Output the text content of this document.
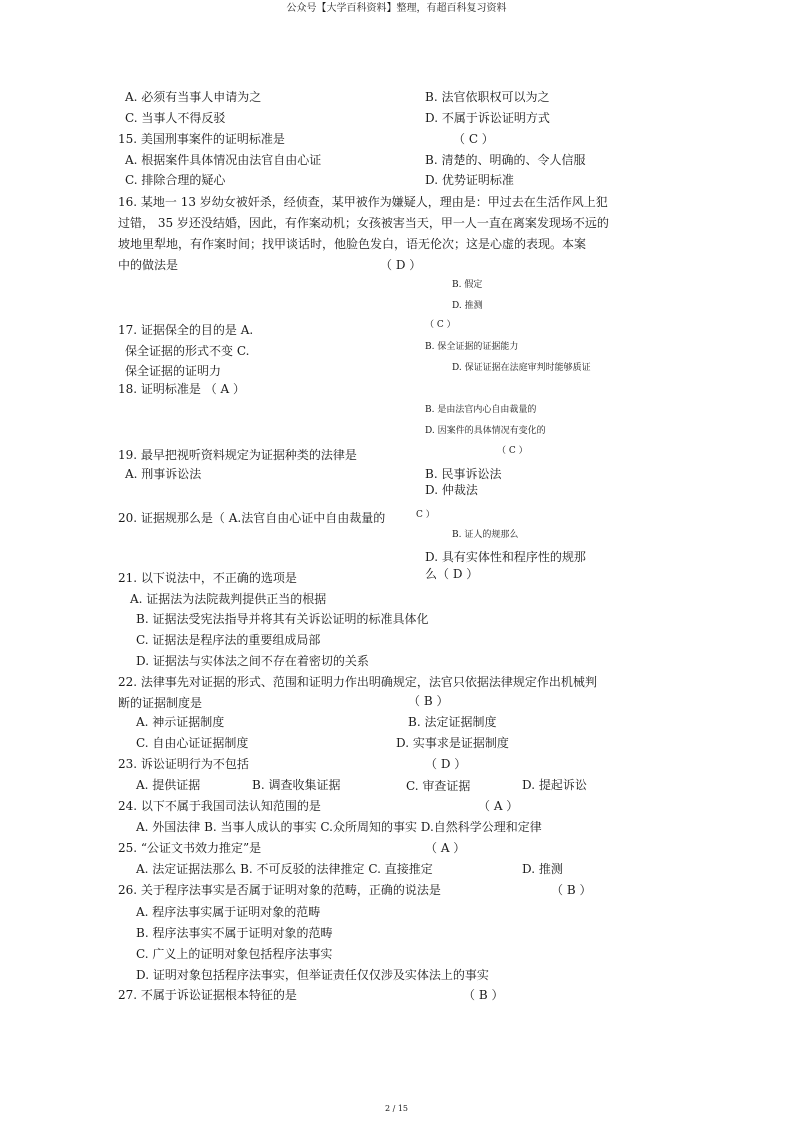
公众号【大学百科资料】整理，有超百科复习资料
A. 必须有当事人申请为之	B. 法官依职权可以为之
C. 当事人不得反驳	D. 不属于诉讼证明方式
15. 美国刑事案件的证明标准是	（ C ）
A. 根据案件具体情况由法官自由心证	B. 清楚的、明确的、令人信服
C. 排除合理的疑心	D. 优势证明标准
16. 某地一 13 岁幼女被奸杀，经侦查，某甲被作为嫌疑人，理由是：甲过去在生活作风上犯
过错， 35 岁还没结婚，因此，有作案动机；女孩被害当天，甲一人一直在离案发现场不远的
坡地里犁地，有作案时间；找甲谈话时，他脸色发白，语无伦次；这是心虚的表现。本案
中的做法是	（ D ）
B. 假定
D. 推测
17. 证据保全的目的是 A.	（ C ）
保全证据的形式不变 C.	B. 保全证据的证据能力
保全证据的证明力	D. 保证证据在法庭审判时能够质证
18. 证明标准是 （ A ）
B. 是由法官内心自由裁量的
D. 因案件的具体情况有变化的
19. 最早把视听资料规定为证据种类的法律是	（ C ）
A. 刑事诉讼法	B. 民事诉讼法
D. 仲裁法
20. 证据规那么是（ A.法官自由心证中自由裁量的	C ）
B. 证人的规那么
D. 具有实体性和程序性的规那
么（ D ）
21. 以下说法中，不正确的选项是
A. 证据法为法院裁判提供正当的根据
B. 证据法受宪法指导并将其有关诉讼证明的标准具体化
C. 证据法是程序法的重要组成局部
D. 证据法与实体法之间不存在着密切的关系
22. 法律事先对证据的形式、范围和证明力作出明确规定，法官只依据法律规定作出机械判
断的证据制度是	（ B ）
A. 神示证据制度	B. 法定证据制度
C. 自由心证证据制度	D. 实事求是证据制度
23. 诉讼证明行为不包括	（ D ）
A. 提供证据	B. 调查收集证据	C. 审查证据	D. 提起诉讼
24. 以下不属于我国司法认知范围的是	（ A ）
A. 外国法律 B. 当事人成认的事实 C.众所周知的事实 D.自然科学公理和定律
25. “公证文书效力推定”是	（ A ）
A. 法定证据法那么 B. 不可反驳的法律推定 C. 直接推定	D. 推测
26. 关于程序法事实是否属于证明对象的范畴，正确的说法是	（ B ）
A. 程序法事实属于证明对象的范畴
B. 程序法事实不属于证明对象的范畴
C. 广义上的证明对象包括程序法事实
D. 证明对象包括程序法事实，但举证责任仅仅涉及实体法上的事实
27. 不属于诉讼证据根本特征的是	（ B ）
2 / 15
